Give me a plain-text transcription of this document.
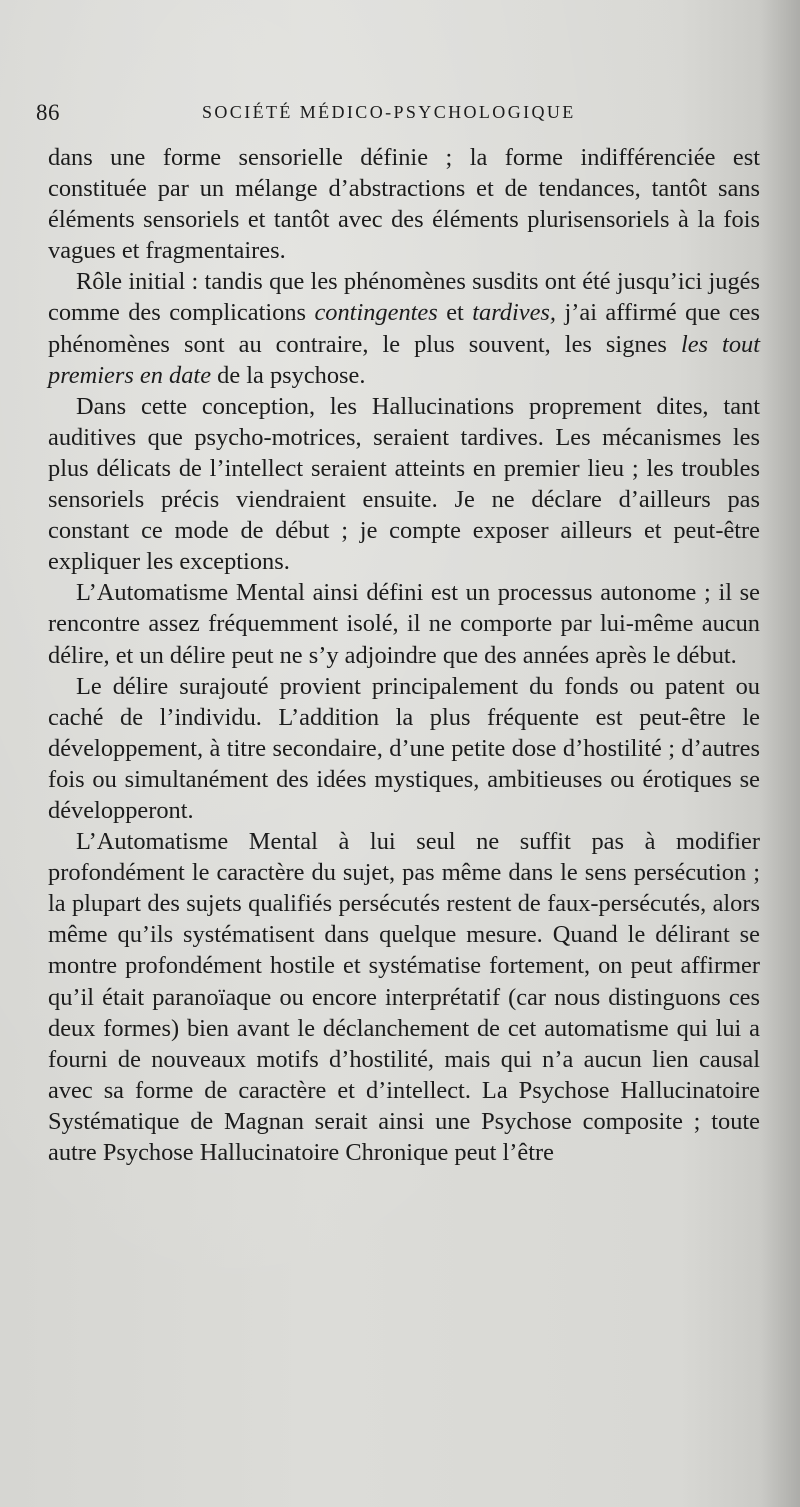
86	SOCIÉTÉ MÉDICO-PSYCHOLOGIQUE

dans une forme sensorielle définie ; la forme indifférenciée est constituée par un mélange d’abstractions et de tendances, tantôt sans éléments sensoriels et tantôt avec des éléments plurisensoriels à la fois vagues et fragmentaires.

Rôle initial : tandis que les phénomènes susdits ont été jusqu’ici jugés comme des complications contingentes et tardives, j’ai affirmé que ces phénomènes sont au contraire, le plus souvent, les signes les tout premiers en date de la psychose.

Dans cette conception, les Hallucinations proprement dites, tant auditives que psycho-motrices, seraient tardives. Les mécanismes les plus délicats de l’intellect seraient atteints en premier lieu ; les troubles sensoriels précis viendraient ensuite. Je ne déclare d’ailleurs pas constant ce mode de début ; je compte exposer ailleurs et peut-être expliquer les exceptions.

L’Automatisme Mental ainsi défini est un processus autonome ; il se rencontre assez fréquemment isolé, il ne comporte par lui-même aucun délire, et un délire peut ne s’y adjoindre que des années après le début.

Le délire surajouté provient principalement du fonds ou patent ou caché de l’individu. L’addition la plus fréquente est peut-être le développement, à titre secondaire, d’une petite dose d’hostilité ; d’autres fois ou simultanément des idées mystiques, ambitieuses ou érotiques se développeront.

L’Automatisme Mental à lui seul ne suffit pas à modifier profondément le caractère du sujet, pas même dans le sens persécution ; la plupart des sujets qualifiés persécutés restent de faux-persécutés, alors même qu’ils systématisent dans quelque mesure. Quand le délirant se montre profondément hostile et systématise fortement, on peut affirmer qu’il était paranoïaque ou encore interprétatif (car nous distinguons ces deux formes) bien avant le déclanchement de cet automatisme qui lui a fourni de nouveaux motifs d’hostilité, mais qui n’a aucun lien causal avec sa forme de caractère et d’intellect. La Psychose Hallucinatoire Systématique de Magnan serait ainsi une Psychose composite ; toute autre Psychose Hallucinatoire Chronique peut l’être
